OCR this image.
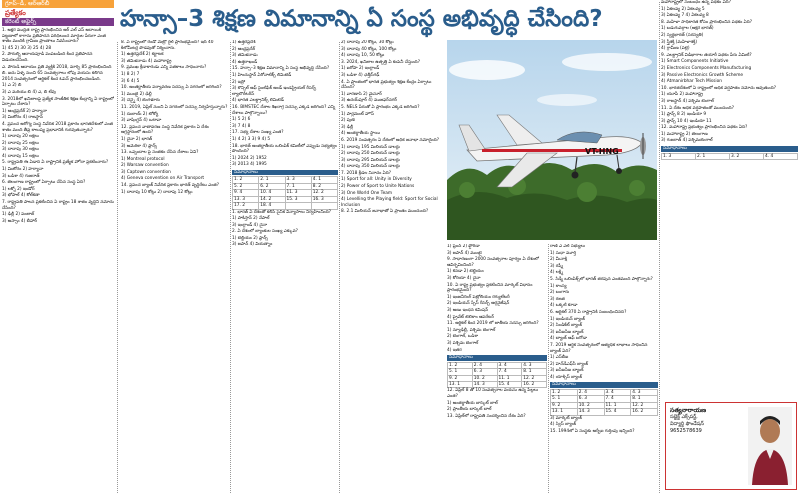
గ్రూప్‌–డీ, ఆర్‌ఆర్‌బీ
ప్రత్యేకం
కరెంట్‌ అఫైర్స్‌

1. అక్షర ముద్రిత రాష్ట్ర ప్రారంభించిన ఆర్ ఎల్ ఎస్ ఆదాయికి పట్టణాలో కాగాను ప్రతిపాదన పరిధిలుంద మార్గుల పేరుగా ఎంత శాతం మందికి గ్రామీణ ప్రాంతాలు నివసించారు?

1) 45 2) 30 3) 25 4) 28

2. పౌరుల్ని ఆదాయపూడి పంపబడింది కింద ప్రతిపాదన విడుదలచేసింది.

ఎ. పౌరుడి ఆదాయం ప్రతి వ్యక్తికి 2018, మార్చి 85 ప్రారంభించింది

బి. ఐదు ఏళ్ళ నుంచి 65 సంవత్సరాలు లోపు వయసు కలిగిన 2014 సంవత్సరంలో ఆర్టికల్ కింద ఓపెన్ ప్రారంభించబడింది.

1) ఎ 2) బి

3) ఎ మరియు బి 4) ఎ, బి లేవు

3. 2018లో ఖనిజాలపై ప్రత్యేక సాంకేతిక శిక్షణ కేంద్రాన్ని ఏ రాష్ట్రంలో ఏర్పాటు చేశారు?

1) ఆంధ్రప్రదేశ్ 2) హర్యానా

3) మిజోరం 4) రాజస్థాన్‌

4. ప్రపంచ ఆరోగ్య సంస్థ నివేదిక 2018 ప్రకారం భారతదేశంలో ఎంత శాతం మంది తీవ్ర కాలుష్య ప్రభావానికి గురవుతున్నారు?

1) దాదాపు 20 లక్షలు

2) దాదాపు 25 లక్షలు

3) దాదాపు 30 లక్షలు

4) దాదాపు 15 లక్షలు

5. రాష్ట్రపతి ఈ ఏడాది ఏ రాష్ట్రానికి ప్రత్యేక హోదా ప్రకటించారు?

1) మిజోరం 2) హర్యానా

3) ఒడిశా 4) గుజరాత్‌

6. తెలంగాణ రాష్ట్రంలో ఏర్పాటు చేసిన సంస్థ ఏది?

1) లక్నో 2) ఇండోర్‌

3) భోపాల్‌ 4) కోల్‌కతా

7. రాష్ట్రపతి పాలన ప్రకటించిన ఏ రాష్ట్రం 18 శాతం వృద్ధిని నమోదు చేసింది?

1) ఢిల్లీ 2) పంజాబ్‌

3) అస్సాం 4) బీహార్‌

హన్సా–3 శిక్షణ విమానాన్ని ఏ సంస్థ అభివృద్ధి చేసింది?

8. ఏ రాష్ట్రంలో రెండో మెట్రో రైల్‌ ప్రారంభమైంది? ఇది 40 కిలోమీటర్ల పొడవుతో నిర్మించారు.

1) ఉత్తరప్రదేశ్ 2) కర్ణాటక

3) తమిళనాడు 4) మహారాష్ట్ర

9. ప్రముఖ క్రీడాకారుడు ఎన్ని పతకాలు సాధించారు?

1) 8 2) 7

3) 6 4) 5

10. అంతర్జాతీయ పర్యావరణ సదస్సు ఏ నగరంలో జరిగింది?

1) ముంబై 2) ఢిల్లీ

3) చెన్నై 4) బెంగళూరు

11. 2019, ఏప్రిల్‌ నుంచి ఏ నగరంలో సదస్సు నిర్వహిస్తున్నారు?

1) దుబాయ్‌ 2) టోక్యో

3) వాషింగ్టన్‌ 4) ఒటావా

12. ప్రపంచ వాతావరణ సంస్థ నివేదిక ప్రకారం ఏ దేశం అగ్రస్థానంలో ఉంది?

1) చైనా 2) భారత్‌

3) అమెరికా 4) ఫ్రాన్స్‌

13. ఒప్పందాల పై సంతకం చేసిన దేశాలు ఏవి?

1) Montreal protocol

2) Warsaw convention

3) Captown convention

4) Geneva convention on Air Transport

14. ప్రపంచ బ్యాంక్ నివేదిక ప్రకారం భారత్‌ వృద్ధిరేటు ఎంత?

1) దాదాపు 10 కోట్లు 2) దాదాపు 12 కోట్లు

1) ఉత్తరప్రదేశ్‌

2) ఆంధ్రప్రదేశ్‌

3) తమిళనాడు

4) ఉత్తరాఖండ్‌

15. హన్సా–3 శిక్షణ విమానాన్ని ఏ సంస్థ అభివృద్ధి చేసింది?

1) హిందుస్థాన్‌ ఏరోనాటిక్స్‌ లిమిటెడ్‌

2) ఇస్రో

3) కౌన్సిల్‌ ఆఫ్‌ సైంటిఫిక్‌ అండ్‌ ఇండస్ట్రియల్‌ రీసెర్చ్‌ ల్యాబొరేటరీస్‌

4) భారత ఎలక్ట్రానిక్స్‌ లిమిటెడ్‌

16. BIMSTEC దేశాల శిఖరాగ్ర సదస్సు ఎక్కడ జరిగింది? ఎన్ని దేశాలు పాల్గొన్నాయి?

1) 5 2) 6

3) 7 4) 8

17. సభ్య దేశాల సంఖ్య ఎంత?

1) 4 2) 3 3) 9 4) 5

18. భారత్‌ అంతర్జాతీయ ఒలింపిక్‌ కమిటీలో ఎప్పుడు సభ్యత్వం పొందింది?

1) 2024 2) 1952

3) 2013 4) 1995

సమాధానాలు
1. 2	2. 1	3. 3	4. 1
5. 2	6. 2	7. 1	8. 2
9. 4	10. 4	11. 3	12. 2
13. 3	14. 2	15. 3	16. 3
17. 2	18. 4		

1. భారత్‌ ఏ దేశంతో కలిసి సైనిక విన్యాసాలు నిర్వహించింది?

1) పాకిస్తాన్‌ 2) నేపాల్‌

3) ఇంగ్లాండ్‌ 4) చైనా

2. ఏ దేశంలో బ్యాంకుల సంఖ్య ఎక్కువ?

1) బెల్జియం 2) ఫ్రాన్స్‌

3) జపాన్‌ 4) వియత్నాం

2) దాదాపు 20 కోట్లు, 30 కోట్లు

3) దాదాపు 40 కోట్లు, 100 కోట్లు

4) దాదాపు 10, 50 కోట్లు

3. 2024, ఖనిజాల ఉత్పత్తి ఏ కంపెనీ చేస్తుంది?

1) ఐరోపా 2) ఇంగ్లాండ్‌

3) ఒడిశా 4) ఛత్తీస్‌గఢ్‌

4. ఏ ప్రాంతంలో భారత ప్రభుత్వం శిక్షణ కేంద్రం ఏర్పాటు చేసింది?

1) వారణాసి 2) మైసూర్‌

3) ఉదయ్‌పూర్‌ 4) ముజఫర్‌నగర్‌

5. NELS పేరుతో ఏ ప్రారంభం ఎక్కడ జరిగింది?

1) పార్లమెంట్‌ హౌస్‌

2) పుణె

3) ఢిల్లీ

4) అంతర్జాతీయ స్థాయి

6. 2019 సంవత్సరం ఏ దేశంలో అధిక జనాభా నమోదైంది?

1) దాదాపు 195 మిలియన్‌ డాలర్లు

2) దాదాపు 250 మిలియన్‌ డాలర్లు

3) దాదాపు 295 మిలియన్‌ డాలర్లు

4) దాదాపు 350 మిలియన్‌ డాలర్లు

7. 2018 క్రీడల నినాదం ఏది?

1) Sport for all: Unity in Diversity

2) Power of Sport to Unite Nations

3) One World One Team

4) Levelling the Playing field: Sport for Social Inclusion

8. 2.1 మిలియన్‌ జనాభాతో ఏ ప్రాంతం ముందుంది?

VT-HNG

1) ఫ్రెంచ్‌ 2) ఫ్లోరిడా

3) జపాన్‌ 4) ముంబై

9. సాధారణంగా 2000 సంవత్సరాల పూర్వం ఏ దేశంలో ఆవిర్భవించింది?

1) కెనడా 2) బెల్జియం

3) కోరియా 4) చైనా

10. ఏ రాష్ట్ర ప్రభుత్వం ప్రకటించిన మార్కెట్‌ విధానం ప్రారంభమైంది?

1) ఇంజనీరింగ్‌ పెట్రోలియం రెగ్యులేటరీ

2) ఇండియన్‌ స్పేస్‌ రీసెర్చ్‌ ఆర్గనైజేషన్‌

3) అణు ఇంధన కమిషన్‌

4) ప్రైవేట్‌ టెలికాం ఆపరేటర్‌

11. ఆర్టికల్‌ కింద 2019 లో జాతీయ సదస్సు జరిగింది?

1) న్యూఢిల్లీ, పశ్చిమ బెంగాల్‌

2) బెంగాల్‌, ఒడిశా

3) పశ్చిమ బెంగాల్‌

4) ఇతర

సమాధానాలు
1. 2	2. 4	3. 4	4. 3
5. 1	6. 3	7. 4	8. 1
9. 2	10. 2	11. 1	12. 2
13. 1	14. 3	15. 4	16. 2

12. ఏప్రిల్‌ 8 తో 10 సంవత్సరాల వయసు ఉన్న పిల్లలు ఎంత?

1) అంతర్జాతీయ బాస్కెట్‌ బాల్‌

2) ప్రాంతీయ బాస్కెట్‌ బాల్‌

13. ఏప్రిల్‌లో రాష్ట్రపతి సందర్శించిన దేశం ఏది?

రాణి ఎ ఎల్‌ సభ్యులు

1) సుధా మూర్తి

2) మీనాక్షి

3) రష్మీ

4) లక్ష్మి

5. సిడ్నీ ఒలింపిక్స్‌లో భారత్‌ తరపున ఎంతమంది పాల్గొన్నారు?

1) కాంస్య

2) బంగారు

3) రజత

4) ఒక్కటి కూడా

6. ఆర్టికల్‌ 370 ఏ రాష్ట్రానికి సంబంధించినది?

1) ఇండియన్‌ బ్యాంక్‌

2) సిండికేట్‌ బ్యాంక్‌

3) ఐసీఐసీఐ బ్యాంక్‌

4) బ్యాంక్‌ ఆఫ్‌ బరోడా

7. 2019 ఆర్థిక సంవత్సరంలో అత్యధిక లాభాలు సాధించిన బ్యాంక్‌ ఏది?

1) ఎస్‌బీఐ

2) హెచ్‌డీఎఫ్‌సీ బ్యాంక్‌

3) ఐసీఐసీఐ బ్యాంక్‌

4) యాక్సిస్‌ బ్యాంక్‌

సమాధానాలు
1. 2	2. 4	3. 4	4. 3
5. 1	6. 3	7. 4	8. 1
9. 2	10. 2	11. 1	12. 2
13. 1	14. 3	15. 4	16. 2

3) మార్కెట్‌ బ్యాంక్‌

4) స్విస్‌ బ్యాంక్‌

15. 1994లో ఏ సంస్థకు ఆర్బీఐ గుర్తింపు ఇచ్చింది?

మహారాష్ట్రలో సంబంధం ఉన్న పథకం ఏది?

1) ఏకలవ్య 2) ఏకలవ్య 5

3) ఏకలవ్య 7 4) ఏకలవ్య 8

8. మహిళా సాధికారత కోసం ప్రారంభించిన పథకం ఏది?

1) బడుగువర్గాల (అక్షర భారత్‌)

2) స్వర్ణభారత్‌ (సరస్వతి)

3) స్త్రీశక్తి (మహిళాశక్తి)

4) గ్రామీణ (పల్లె)

9. ఎలక్ట్రానిక్‌ విడిభాగాల తయారీ పథకం పేరు ఏమిటి?

1) Smart Components Initiative

2) Electronics Components Manufacturing

3) Passive Electronics Growth Scheme

4) Atmanirbhar Tech Mission

10. భారతదేశంలో ఏ రాష్ట్రంలో అధిక వర్షపాతం నమోదు అవుతుంది?

1) యూపీ 2) మహారాష్ట్ర

3) రాజస్థాన్‌ 4) పశ్చిమ బెంగాల్‌

11. ఏ దేశం అధిక వర్షపాతంతో ముందుంది?

1) ఫ్రాన్స్‌ 8 2) ఇండియా 9

3) ఫ్రాన్స్‌ 10 4) ఇండియా 11

12. మహారాష్ట్ర ప్రభుత్వం ప్రారంభించిన పథకం ఏది?

1) మహారాష్ట్ర 2) తెలంగాణ

3) గుజరాత్‌ 4) పశ్చిమబెంగాల్‌

సమాధానాలు
1. 3	2. 1	3. 2	4. 4
సత్యనారాయణ
సబ్జెక్ట్‌ ఎక్స్‌పర్ట్‌,
విద్యార్థి ఫౌండేషన్‌
9652578639
